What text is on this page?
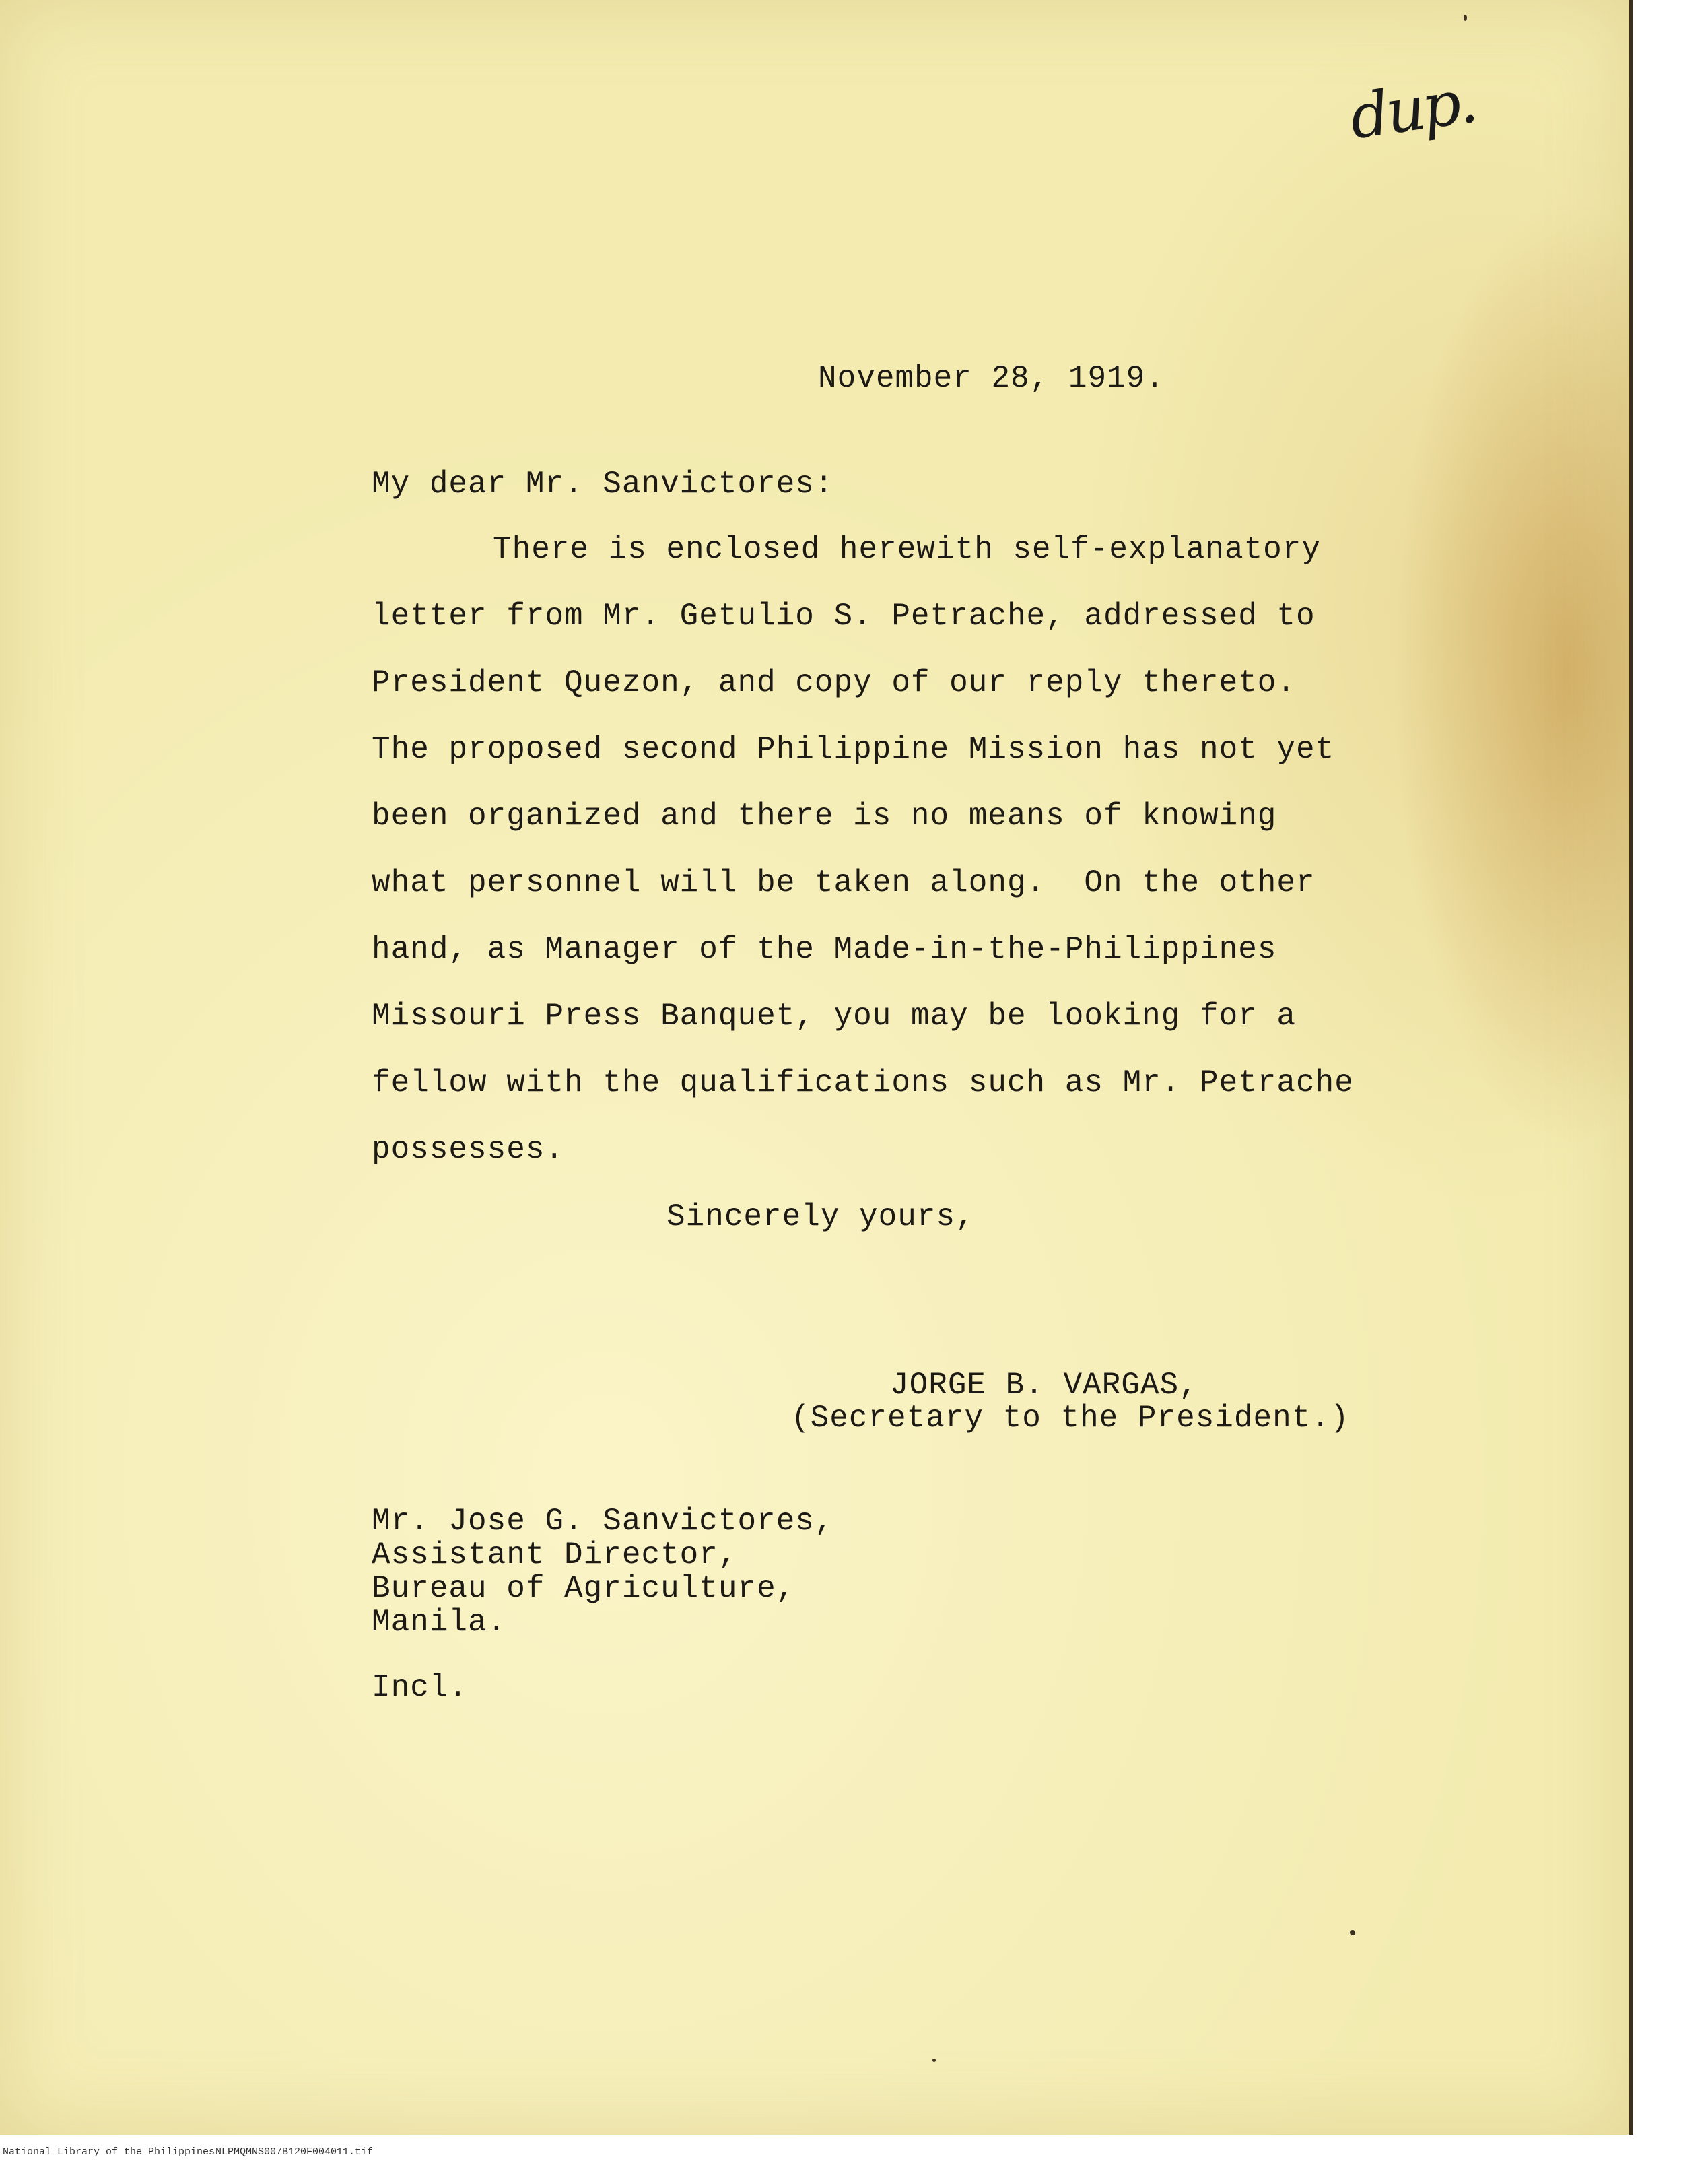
dup.
November 28, 1919.
My dear Mr. Sanvictores:
There is enclosed herewith self-explanatory
letter from Mr. Getulio S. Petrache, addressed to
President Quezon, and copy of our reply thereto.
The proposed second Philippine Mission has not yet
been organized and there is no means of knowing
what personnel will be taken along.  On the other
hand, as Manager of the Made-in-the-Philippines
Missouri Press Banquet, you may be looking for a
fellow with the qualifications such as Mr. Petrache
possesses.
Sincerely yours,
JORGE B. VARGAS,
(Secretary to the President.)
Mr. Jose G. Sanvictores,
Assistant Director,
Bureau of Agriculture,
Manila.
Incl.
National Library of the Philippines NLPMQMNS007B120F004011.tif
